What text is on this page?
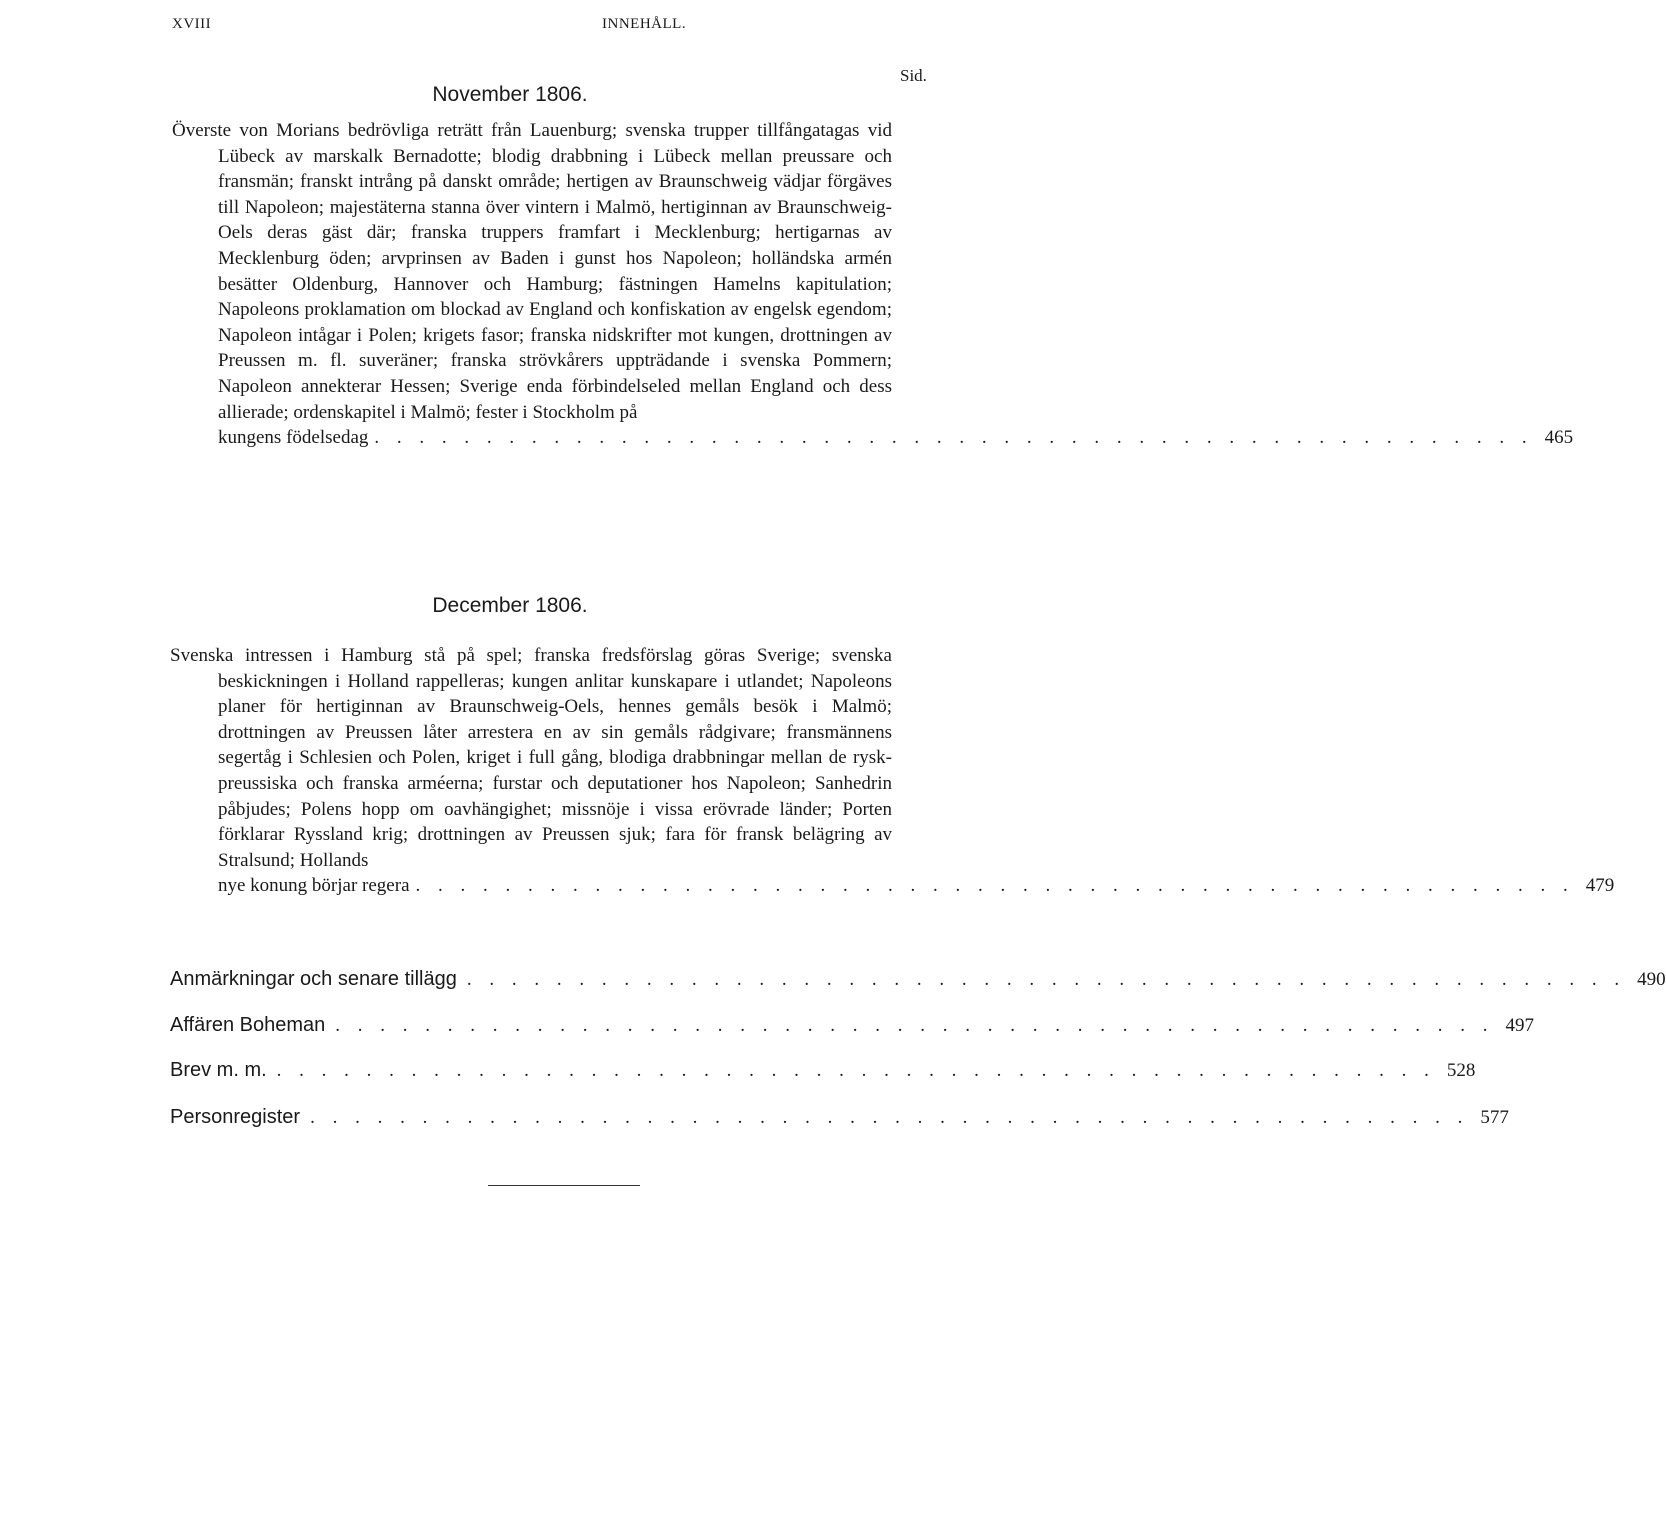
XVIII	INNEHÅLL.
Sid.
November 1806.
Överste von Morians bedrövliga reträtt från Lauenburg; svenska trupper tillfångatagas vid Lübeck av marskalk Bernadotte; blodig drabbning i Lübeck mellan preussare och fransmän; franskt intrång på danskt område; hertigen av Braunschweig vädjar förgäves till Napoleon; majestäterna stanna över vintern i Malmö, hertiginnan av Braunschweig-Oels deras gäst där; franska truppers framfart i Mecklenburg; hertigarnas av Mecklenburg öden; arvprinsen av Baden i gunst hos Napoleon; holländska armén besätter Oldenburg, Hannover och Hamburg; fästningen Hamelns kapitulation; Napoleons proklamation om blockad av England och konfiskation av engelsk egendom; Napoleon intågar i Polen; krigets fasor; franska nidskrifter mot kungen, drottningen av Preussen m. fl. suveräner; franska strövkårers uppträdande i svenska Pommern; Napoleon annekterar Hessen; Sverige enda förbindelseled mellan England och dess allierade; ordenskapitel i Malmö; fester i Stockholm på
kungens födelsedag . . . . . . . . . . . . . . . . . . . . . . . . . . . . . . . . . . . . . . . . . . . . . . . . . . . . 465
December 1806.
Svenska intressen i Hamburg stå på spel; franska fredsförslag göras Sverige; svenska beskickningen i Holland rappelleras; kungen anlitar kunskapare i utlandet; Napoleons planer för hertiginnan av Braunschweig-Oels, hennes gemåls besök i Malmö; drottningen av Preussen låter arrestera en av sin gemåls rådgivare; fransmännens segertåg i Schlesien och Polen, kriget i full gång, blodiga drabbningar mellan de rysk-preussiska och franska arméerna; furstar och deputationer hos Napoleon; Sanhedrin påbjudes; Polens hopp om oavhängighet; missnöje i vissa erövrade länder; Porten förklarar Ryssland krig; drottningen av Preussen sjuk; fara för fransk belägring av Stralsund; Hollands
nye konung börjar regera . . . . . . . . . . . . . . . . . . . . . . . . . . . . . . . . . . . . . . . . . . . . . . . . . . . . 479
Anmärkningar och senare tillägg . . . . . . . . . . . . . . . . . . . . . . . . . . . . . . . . . . . . . . . . . . . . . . . . . . . . 490
Affären Boheman . . . . . . . . . . . . . . . . . . . . . . . . . . . . . . . . . . . . . . . . . . . . . . . . . . . . 497
Brev m. m. . . . . . . . . . . . . . . . . . . . . . . . . . . . . . . . . . . . . . . . . . . . . . . . . . . . . 528
Personregister . . . . . . . . . . . . . . . . . . . . . . . . . . . . . . . . . . . . . . . . . . . . . . . . . . . . 577
